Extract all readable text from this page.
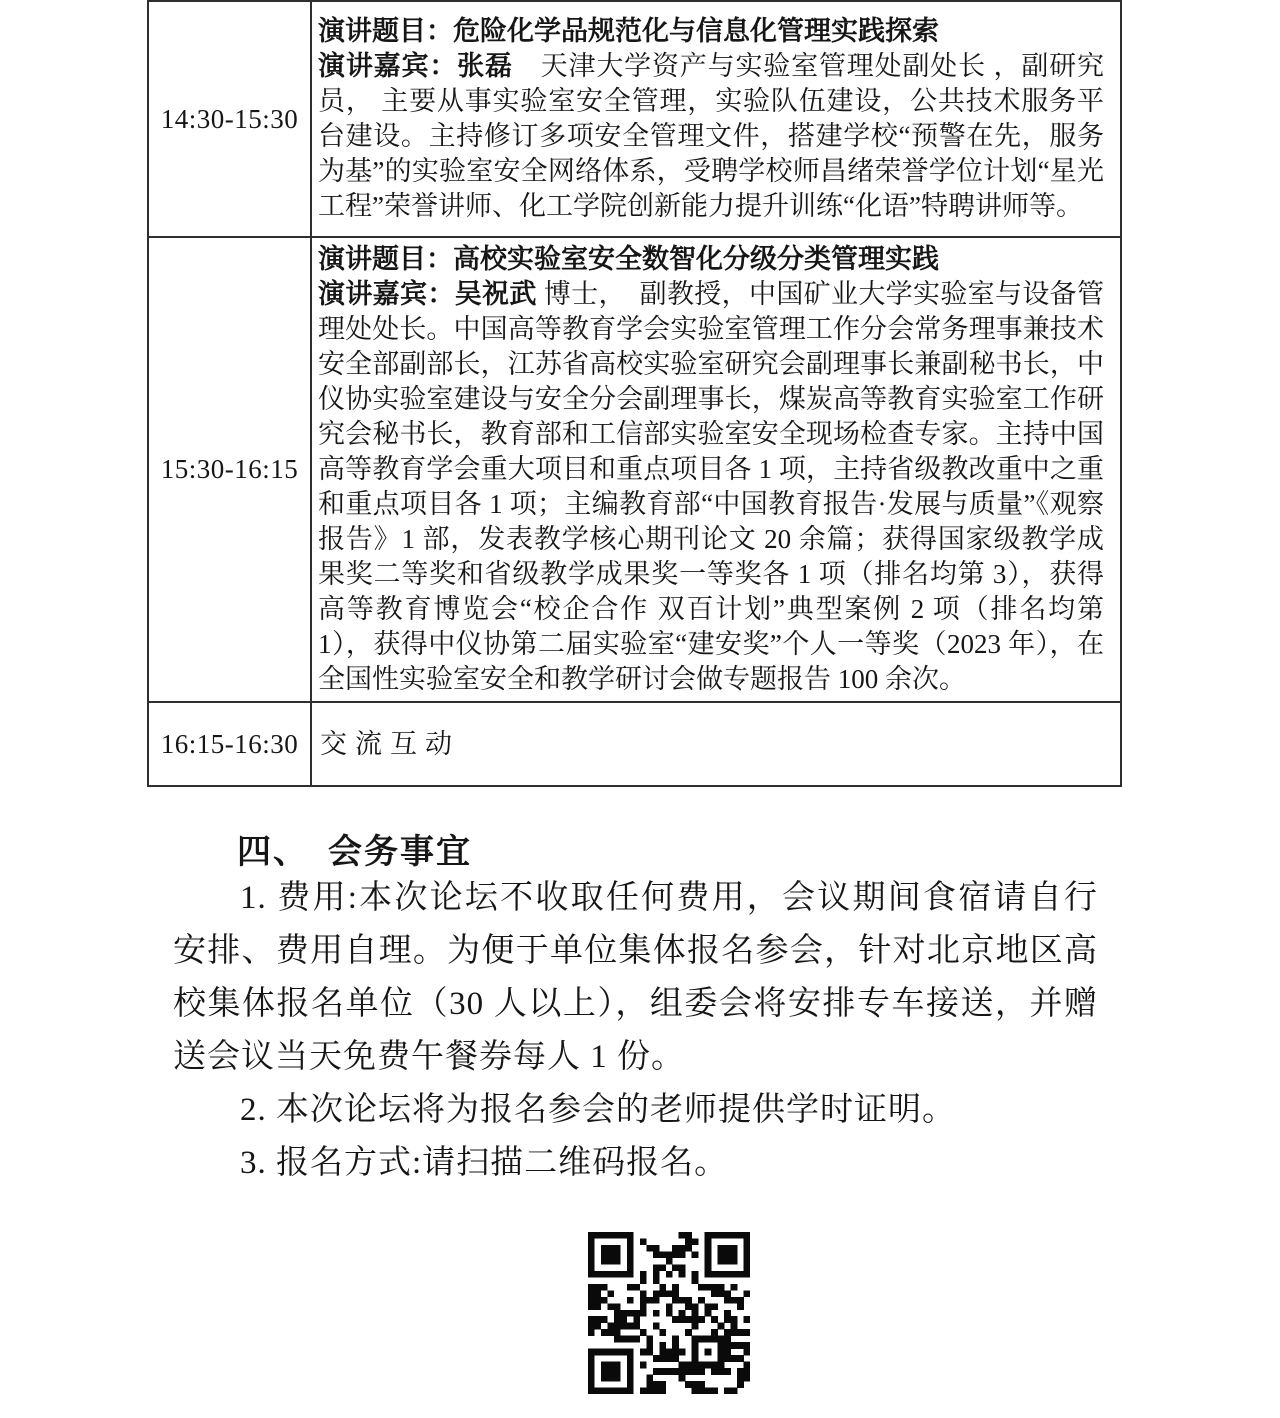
14:30-15:30	演讲题目：危险化学品规范化与信息化管理实践探索

演讲嘉宾：张磊　天津大学资产与实验室管理处副处长 ，副研究员， 主要从事实验室安全管理，实验队伍建设，公共技术服务平台建设。主持修订多项安全管理文件，搭建学校“预警在先，服务为基”的实验室安全网络体系，受聘学校师昌绪荣誉学位计划“星光工程”荣誉讲师、化工学院创新能力提升训练“化语”特聘讲师等。

15:30-16:15	演讲题目：高校实验室安全数智化分级分类管理实践

演讲嘉宾：吴祝武 博士，　副教授，中国矿业大学实验室与设备管理处处长。中国高等教育学会实验室管理工作分会常务理事兼技术安全部副部长，江苏省高校实验室研究会副理事长兼副秘书长，中仪协实验室建设与安全分会副理事长，煤炭高等教育实验室工作研究会秘书长，教育部和工信部实验室安全现场检查专家。主持中国高等教育学会重大项目和重点项目各 1 项，主持省级教改重中之重和重点项目各 1 项；主编教育部“中国教育报告·发展与质量”《观察报告》1 部，发表教学核心期刊论文 20 余篇；获得国家级教学成果奖二等奖和省级教学成果奖一等奖各 1 项（排名均第 3），获得高等教育博览会“校企合作 双百计划”典型案例 2 项（排名均第 1），获得中仪协第二届实验室“建安奖”个人一等奖（2023 年），在全国性实验室安全和教学研讨会做专题报告 100 余次。

16:15-16:30	交流互动
四、　会务事宜

1. 费用:本次论坛不收取任何费用，会议期间食宿请自行安排、费用自理。为便于单位集体报名参会，针对北京地区高校集体报名单位（30 人以上），组委会将安排专车接送，并赠送会议当天免费午餐券每人 1 份。

2. 本次论坛将为报名参会的老师提供学时证明。

3. 报名方式:请扫描二维码报名。
